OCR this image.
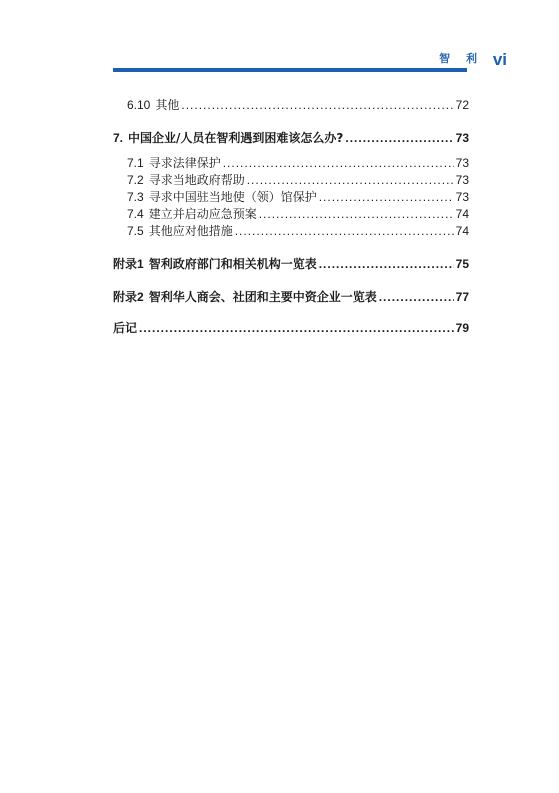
智 利 vi
6.10 其他 .....	72
7. 中国企业/人员在智利遇到困难该怎么办? .....	73
7.1 寻求法律保护 .....	73
7.2 寻求当地政府帮助 .....	73
7.3 寻求中国驻当地使（领）馆保护 .....	73
7.4 建立并启动应急预案 .....	74
7.5 其他应对他措施 .....	74
附录1 智利政府部门和相关机构一览表 .....	75
附录2 智利华人商会、社团和主要中资企业一览表 .....	77
后记 .....	79
